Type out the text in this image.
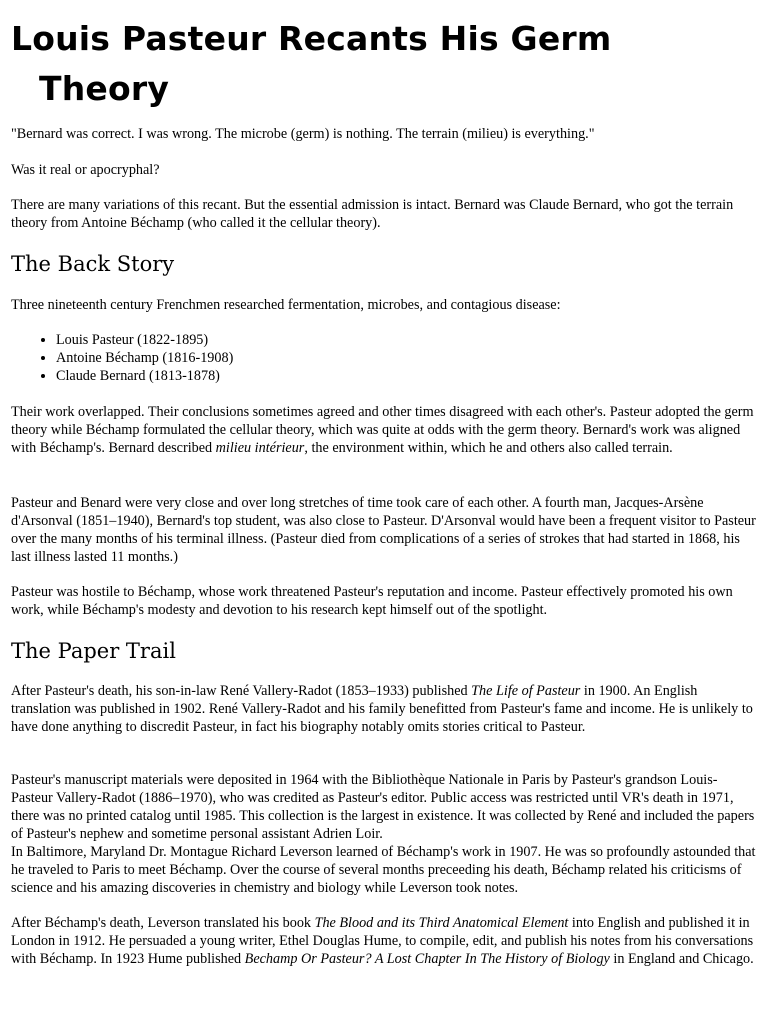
Louis Pasteur Recants His Germ
Theory

"Bernard was correct. I was wrong. The microbe (germ) is nothing. The terrain (milieu) is everything."

Was it real or apocryphal?

There are many variations of this recant. But the essential admission is intact. Bernard was Claude Bernard, who got the terrain theory from Antoine Béchamp (who called it the cellular theory).

The Back Story

Three nineteenth century Frenchmen researched fermentation, microbes, and contagious disease:

• Louis Pasteur (1822-1895)
• Antoine Béchamp (1816-1908)
• Claude Bernard (1813-1878)

Their work overlapped. Their conclusions sometimes agreed and other times disagreed with each other's. Pasteur adopted the germ theory while Béchamp formulated the cellular theory, which was quite at odds with the germ theory. Bernard's work was aligned with Béchamp's. Bernard described milieu intérieur, the environment within, which he and others also called terrain.

Pasteur and Benard were very close and over long stretches of time took care of each other. A fourth man, Jacques-Arsène d'Arsonval (1851–1940), Bernard's top student, was also close to Pasteur. D'Arsonval would have been a frequent visitor to Pasteur over the many months of his terminal illness. (Pasteur died from complications of a series of strokes that had started in 1868, his last illness lasted 11 months.)

Pasteur was hostile to Béchamp, whose work threatened Pasteur's reputation and income. Pasteur effectively promoted his own work, while Béchamp's modesty and devotion to his research kept himself out of the spotlight.

The Paper Trail

After Pasteur's death, his son-in-law René Vallery-Radot (1853–1933) published The Life of Pasteur in 1900. An English translation was published in 1902. René Vallery-Radot and his family benefitted from Pasteur's fame and income. He is unlikely to have done anything to discredit Pasteur, in fact his biography notably omits stories critical to Pasteur.

Pasteur's manuscript materials were deposited in 1964 with the Bibliothèque Nationale in Paris by Pasteur's grandson Louis-Pasteur Vallery-Radot (1886–1970), who was credited as Pasteur's editor. Public access was restricted until VR's death in 1971, there was no printed catalog until 1985. This collection is the largest in existence. It was collected by René and included the papers of Pasteur's nephew and sometime personal assistant Adrien Loir.

In Baltimore, Maryland Dr. Montague Richard Leverson learned of Béchamp's work in 1907. He was so profoundly astounded that he traveled to Paris to meet Béchamp. Over the course of several months preceeding his death, Béchamp related his criticisms of science and his amazing discoveries in chemistry and biology while Leverson took notes.

After Béchamp's death, Leverson translated his book The Blood and its Third Anatomical Element into English and published it in London in 1912. He persuaded a young writer, Ethel Douglas Hume, to compile, edit, and publish his notes from his conversations with Béchamp. In 1923 Hume published Bechamp Or Pasteur? A Lost Chapter In The History of Biology in England and Chicago.
